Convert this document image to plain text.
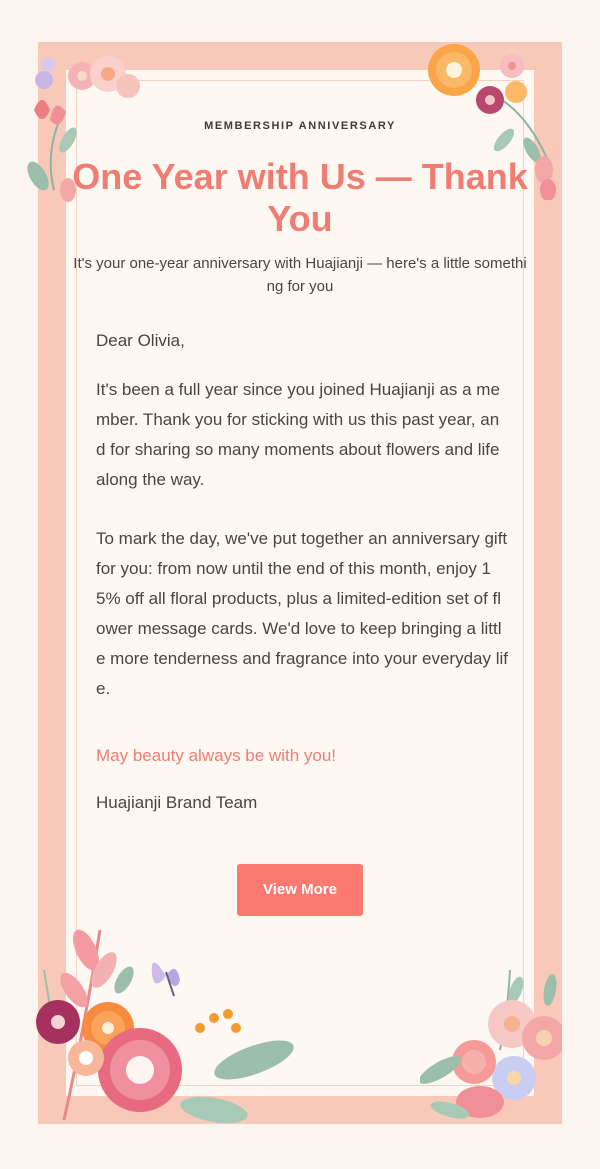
MEMBERSHIP ANNIVERSARY
One Year with Us — Thank You
It's your one-year anniversary with Huajianji — here's a little something for you

Dear Olivia,

It's been a full year since you joined Huajianji as a member. Thank you for sticking with us this past year, and for sharing so many moments about flowers and life along the way.

To mark the day, we've put together an anniversary gift for you: from now until the end of this month, enjoy 15% off all floral products, plus a limited-edition set of flower message cards. We'd love to keep bringing a little more tenderness and fragrance into your everyday life.

May beauty always be with you!

Huajianji Brand Team

View More
